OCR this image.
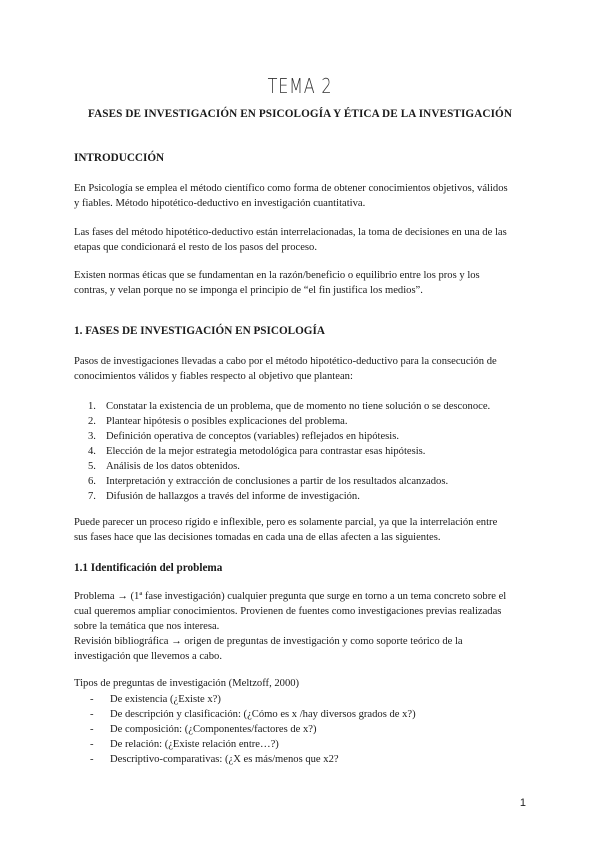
TEMA 2
FASES DE INVESTIGACIÓN EN PSICOLOGÍA Y ÉTICA DE LA INVESTIGACIÓN
INTRODUCCIÓN

En Psicología se emplea el método científico como forma de obtener conocimientos objetivos, válidos
y fiables. Método hipotético-deductivo en investigación cuantitativa.

Las fases del método hipotético-deductivo están interrelacionadas, la toma de decisiones en una de las
etapas que condicionará el resto de los pasos del proceso.

Existen normas éticas que se fundamentan en la razón/beneficio o equilibrio entre los pros y los
contras, y velan porque no se imponga el principio de “el fin justifica los medios”.

1. FASES DE INVESTIGACIÓN EN PSICOLOGÍA

Pasos de investigaciones llevadas a cabo por el método hipotético-deductivo para la consecución de
conocimientos válidos y fiables respecto al objetivo que plantean:

1. Constatar la existencia de un problema, que de momento no tiene solución o se desconoce.
2. Plantear hipótesis o posibles explicaciones del problema.
3. Definición operativa de conceptos (variables) reflejados en hipótesis.
4. Elección de la mejor estrategia metodológica para contrastar esas hipótesis.
5. Análisis de los datos obtenidos.
6. Interpretación y extracción de conclusiones a partir de los resultados alcanzados.
7. Difusión de hallazgos a través del informe de investigación.

Puede parecer un proceso rígido e inflexible, pero es solamente parcial, ya que la interrelación entre
sus fases hace que las decisiones tomadas en cada una de ellas afecten a las siguientes.

1.1 Identificación del problema

Problema → (1ª fase investigación) cualquier pregunta que surge en torno a un tema concreto sobre el
cual queremos ampliar conocimientos. Provienen de fuentes como investigaciones previas realizadas
sobre la temática que nos interesa.
Revisión bibliográfica → origen de preguntas de investigación y como soporte teórico de la
investigación que llevemos a cabo.

Tipos de preguntas de investigación (Meltzoff, 2000)

- De existencia (¿Existe x?)
- De descripción y clasificación: (¿Cómo es x /hay diversos grados de x?)
- De composición: (¿Componentes/factores de x?)
- De relación: (¿Existe relación entre…?)
- Descriptivo-comparativas: (¿X es más/menos que x2?
1
